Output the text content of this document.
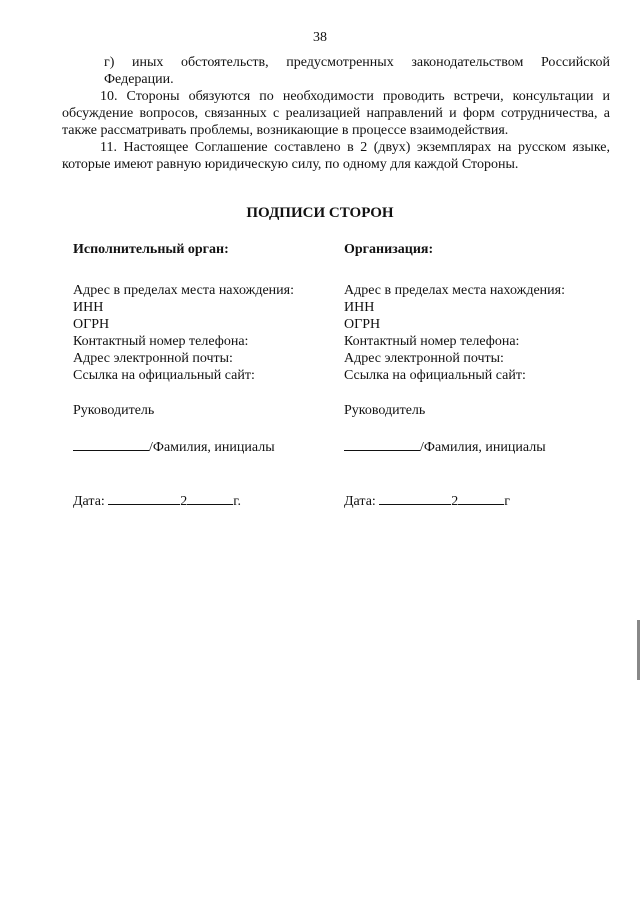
38

г) иных обстоятельств, предусмотренных законодательством Российской Федерации.

10. Стороны обязуются по необходимости проводить встречи, консультации и обсуждение вопросов, связанных с реализацией направлений и форм сотрудничества, а также рассматривать проблемы, возникающие в процессе взаимодействия.

11. Настоящее Соглашение составлено в 2 (двух) экземплярах на русском языке, которые имеют равную юридическую силу, по одному для каждой Стороны.

ПОДПИСИ СТОРОН

Исполнительный орган:

Адрес в пределах места нахождения:

ИНН

ОГРН

Контактный номер телефона:

Адрес электронной почты:

Ссылка на официальный сайт:

Руководитель

/Фамилия, инициалы

Дата:	2	г.

Организация:

Адрес в пределах места нахождения:

ИНН

ОГРН

Контактный номер телефона:

Адрес электронной почты:

Ссылка на официальный сайт:

Руководитель

/Фамилия, инициалы

Дата:	2	г
